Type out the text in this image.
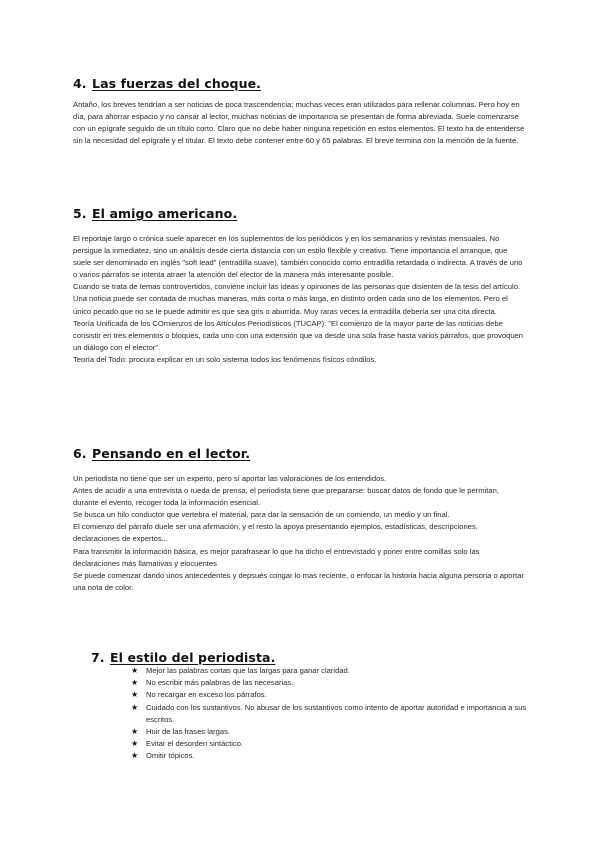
4. Las fuerzas del choque.

Antaño, los breves tendrían a ser noticias de poca trascendencia; muchas veces eran utilizados para rellenar columnas. Pero hoy en día, para ahorrar espacio y no cansar al lector, muchas noticias de importancia se presentan de forma abreviada. Suele comenzarse con un epígrafe seguido de un título corto. Claro que no debe haber ninguna repetición en estos elementos. El texto ha de entenderse sin la necesidad del epígrafe y el titular. El texto debe contener entre 60 y 65 palabras. El breve termina con la mención de la fuente.

5. El amigo americano.

El reportaje largo o crónica suele aparecer en los suplementos de los periódicos y en los semanarios y revistas mensuales. No persigue la inmediatez, sino un análisis desde cierta distancia con un estilo flexible y creativo. Tiene importancia el arranque, que suele ser denominado en inglés "soft lead" (entradilla suave), también conocido como entradilla retardada o indirecta. A través de uno o varios párrafos se intenta atraer la atención del elector de la manera más interesante posible.

Cuando se trata de temas controvertidos, conviene incluir las ideas y opiniones de las personas que disienten de la tesis del artículo.

Una noticia puede ser contada de muchas maneras, más corta o más larga, en distinto orden cada uno de los elementos. Pero el único pecado que no se le puede admitir es que sea gris o aburrida. Muy raras veces la entradilla debería ser una cita directa.

Teoría Unificada de los COmienzos de los Artículos Periodísticos (TUCAP): "El comienzo de la mayor parte de las noticias debe consistir en tres elementos o bloques, cada uno con una extensión que va desde una sola frase hasta varios párrafos, que provoquen un diálogo con el elector".

Teoría del Todo: procura explicar en un solo sistema todos los fenómenos físicos cóndilos.

6. Pensando en el lector.

Un periodista no tiene que ser un experto, pero sí aportar las valoraciones de los entendidos.

Antes de acudir a una entrevista o rueda de prensa, el periodista tiene que prepararse: buscar datos de fondo que le permitan, durante el evento, recoger toda la información esencial.

Se busca un hilo conductor que vertebra el material, para dar la sensación de un comiendo, un medio y un final.

El comienzo del párrafo duele ser una afirmación, y el resto la apoya presentando ejemplos, estadísticas, descripciones, declaraciones de expertos...

Para transmitir la información básica, es mejor parafrasear lo que ha dicho el entrevistado y poner entre comillas solo las declaraciones más llamativas y elocuentes

Se puede comenzar dando unos antecedentes y depsués congar lo mas reciente, o enfocar la historia hacia alguna persona o aportar una nota de color.

7. El estilo del periodista.
★ Mejor las palabras cortas que las largas para ganar claridad.
★ No escribir más palabras de las necesarias.
★ No recargar en exceso los párrafos.
★ Cuidado con los sustantivos. No abusar de los sustantivos como intento de aportar autoridad e importancia a sus escritos.
★ Huir de las frases largas.
★ Evitar el desorden sintáctico.
★ Omitir tópicos.
